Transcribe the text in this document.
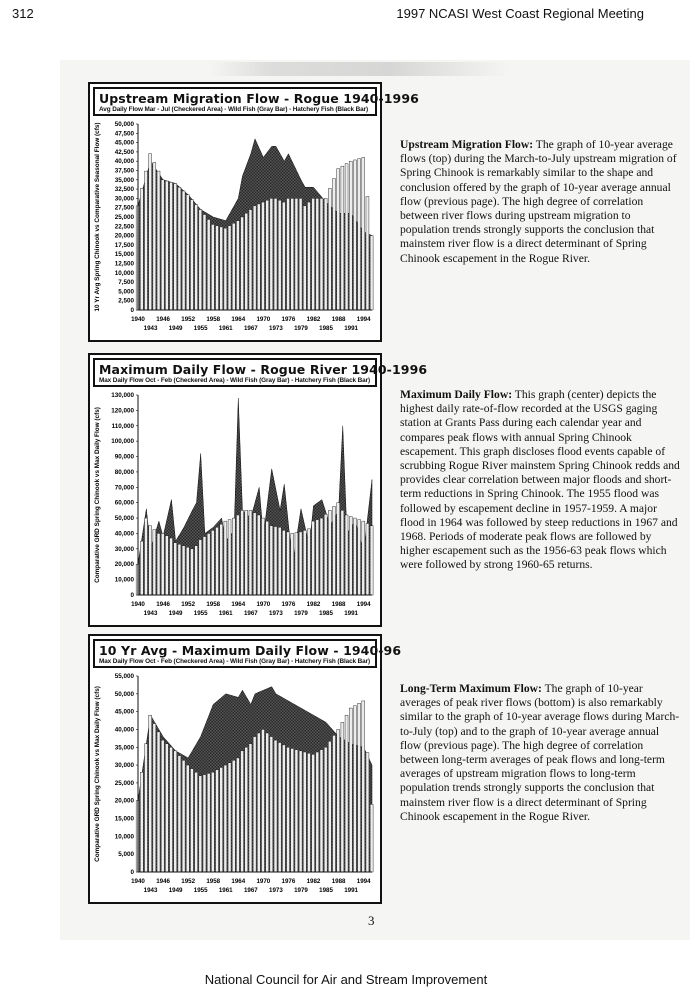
312	1997 NCASI West Coast Regional Meeting
Upstream Migration Flow - Rogue 1940-1996
Avg Daily Flow Mar - Jul (Checkered Area) - Wild Fish (Gray Bar) - Hatchery Fish (Black Bar)
10 Yr Avg Spring Chinook vs Comparative Seasonal Flow (cfs) 50,000
47,500
45,000
42,500
40,000
37,500
35,000
32,500
30,000
27,500
25,000
22,500
20,000
17,500
15,000
12,500
10,000
7,500
5,000
2,500
0
1940 1946 1952 1958 1964 1970 1976 1982 1988 1994
1943 1949 1955 1961 1967 1973 1979 1985 1991
Maximum Daily Flow - Rogue River 1940-1996
Max Daily Flow Oct - Feb (Checkered Area) - Wild Fish (Gray Bar) - Hatchery Fish (Black Bar)
Comparative GRD Spring Chinook vs Max Daily Flow (cfs)
130,000
120,000
110,000
100,000
90,000
80,000
70,000
60,000
50,000
40,000
30,000
20,000
10,000
0
1940 1946 1952 1958 1964 1970 1976 1982 1988 1994
1943 1949 1955 1961 1967 1973 1979 1985 1991
10 Yr Avg - Maximum Daily Flow - 1940-96
Max Daily Flow Oct - Feb (Checkered Area) - Wild Fish (Gray Bar) - Hatchery Fish (Black Bar)
Comparative GRD Spring Chinook vs Max Daily Flow (cfs)
55,000
50,000
45,000
40,000
35,000
30,000
25,000
20,000
15,000
10,000
5,000
0
1940 1946 1952 1958 1964 1970 1976 1982 1988 1994
1943 1949 1955 1961 1967 1973 1979 1985 1991
Upstream Migration Flow: The graph of 10-year average flows (top) during the March-to-July upstream migration of Spring Chinook is remarkably similar to the shape and conclusion offered by the graph of 10-year average annual flow (previous page). The high degree of correlation between river flows during upstream migration to population trends strongly supports the conclusion that mainstem river flow is a direct determinant of Spring Chinook escapement in the Rogue River.
Maximum Daily Flow: This graph (center) depicts the highest daily rate-of-flow recorded at the USGS gaging station at Grants Pass during each calendar year and compares peak flows with annual Spring Chinook escapement. This graph discloses flood events capable of scrubbing Rogue River mainstem Spring Chinook redds and provides clear correlation between major floods and short-term reductions in Spring Chinook. The 1955 flood was followed by escapement decline in 1957-1959. A major flood in 1964 was followed by steep reductions in 1967 and 1968. Periods of moderate peak flows are followed by higher escapement such as the 1956-63 peak flows which were followed by strong 1960-65 returns.
Long-Term Maximum Flow: The graph of 10-year averages of peak river flows (bottom) is also remarkably similar to the graph of 10-year average flows during March-to-July (top) and to the graph of 10-year average annual flow (previous page). The high degree of correlation between long-term averages of peak flows and long-term averages of upstream migration flows to long-term population trends strongly supports the conclusion that mainstem river flow is a direct determinant of Spring Chinook escapement in the Rogue River.
3
National Council for Air and Stream Improvement
